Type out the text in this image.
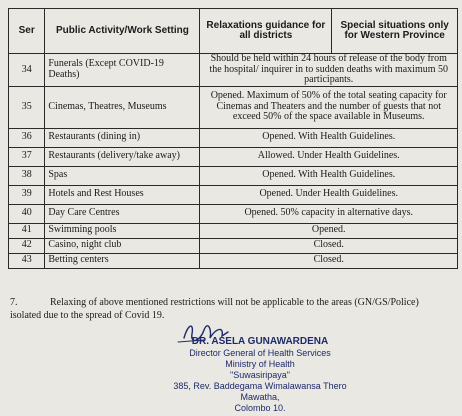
Ser	Public Activity/Work Setting	Relaxations guidance for all districts	Special situations only for Western Province
34	Funerals (Except COVID-19 Deaths)	Should be held within 24 hours of release of the body from the hospital/ inquirer in to sudden deaths with maximum 50 participants.	
35	Cinemas, Theatres, Museums	Opened. Maximum of 50% of the total seating capacity for Cinemas and Theaters and the number of guests that not exceed 50% of the space available in Museums.	
36	Restaurants (dining in)	Opened. With Health Guidelines.	
37	Restaurants (delivery/take away)	Allowed. Under Health Guidelines.	
38	Spas	Opened. With Health Guidelines.	
39	Hotels and Rest Houses	Opened. Under Health Guidelines.	
40	Day Care Centres	Opened. 50% capacity in alternative days.	
41	Swimming pools	Opened.	
42	Casino, night club	Closed.	
43	Betting centers	Closed.	
7.	Relaxing of above mentioned restrictions will not be applicable to the areas (GN/GS/Police) isolated due to the spread of Covid 19.
DR. ASELA GUNAWARDENA
Director General of Health Services
Ministry of Health
"Suwasiripaya"
385, Rev. Baddegama Wimalawansa Thero Mawatha,
Colombo 10.
